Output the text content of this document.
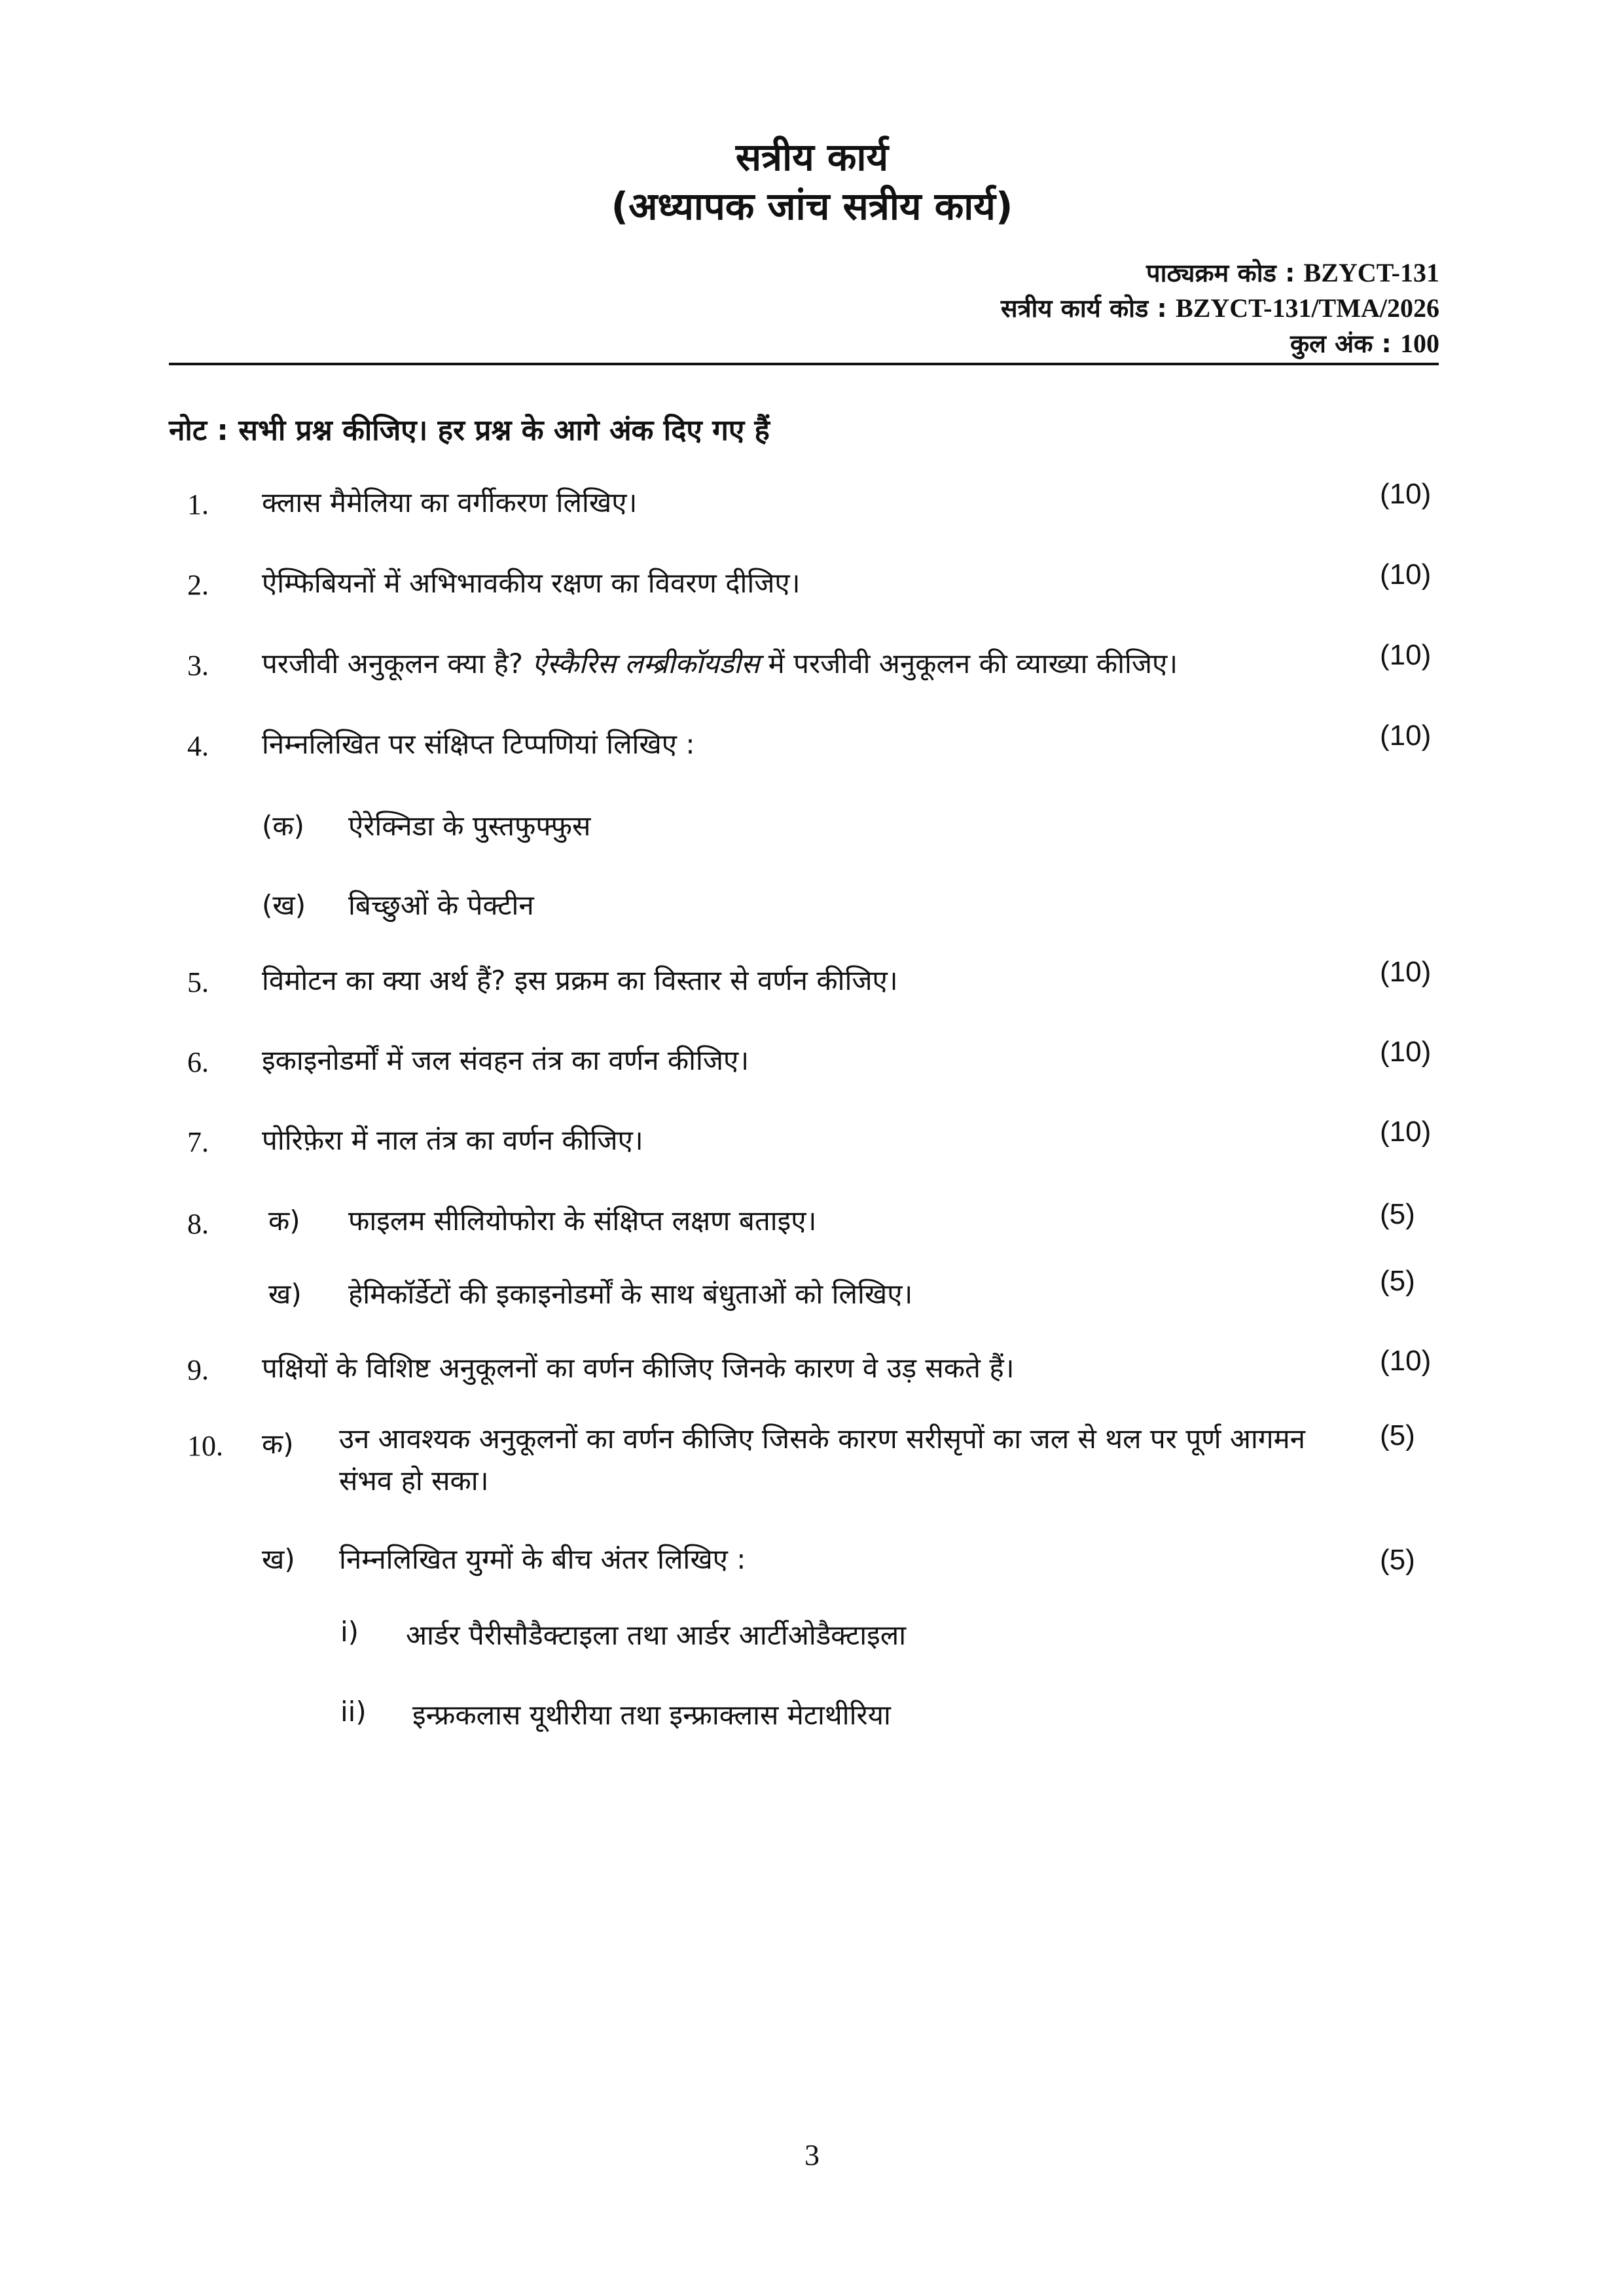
सत्रीय कार्य
(अध्यापक जांच सत्रीय कार्य)
पाठ्यक्रम कोड : BZYCT-131
सत्रीय कार्य कोड : BZYCT-131/TMA/2026
कुल अंक : 100
नोट : सभी प्रश्न कीजिए। हर प्रश्न के आगे अंक दिए गए हैं
1. क्लास मैमेलिया का वर्गीकरण लिखिए।	(10)
2. ऐम्फिबियनों में अभिभावकीय रक्षण का विवरण दीजिए।	(10)
3. परजीवी अनुकूलन क्या है? ऐस्कैरिस लम्ब्रीकॉयडीस में परजीवी अनुकूलन की व्याख्या कीजिए।	(10)
4. निम्नलिखित पर संक्षिप्त टिप्पणियां लिखिए :	(10)
(क) ऐरेक्निडा के पुस्तफुफ्फुस
(ख) बिच्छुओं के पेक्टीन
5. विमोटन का क्या अर्थ हैं? इस प्रक्रम का विस्तार से वर्णन कीजिए।	(10)
6. इकाइनोडर्मों में जल संवहन तंत्र का वर्णन कीजिए।	(10)
7. पोरिफ़ेरा में नाल तंत्र का वर्णन कीजिए।	(10)
8. क) फाइलम सीलियोफोरा के संक्षिप्त लक्षण बताइए।	(5)
ख) हेमिकॉर्डेटों की इकाइनोडर्मों के साथ बंधुताओं को लिखिए।	(5)
9. पक्षियों के विशिष्ट अनुकूलनों का वर्णन कीजिए जिनके कारण वे उड़ सकते हैं।	(10)
10. क) उन आवश्यक अनुकूलनों का वर्णन कीजिए जिसके कारण सरीसृपों का जल से थल पर पूर्ण आगमन संभव हो सका।
(5)
ख) निम्नलिखित युग्मों के बीच अंतर लिखिए :	(5)
i) आर्डर पैरीसौडैक्टाइला तथा आर्डर आर्टीओडैक्टाइला
ii) इन्फ्रकलास यूथीरीया तथा इन्फ्राक्लास मेटाथीरिया
3
